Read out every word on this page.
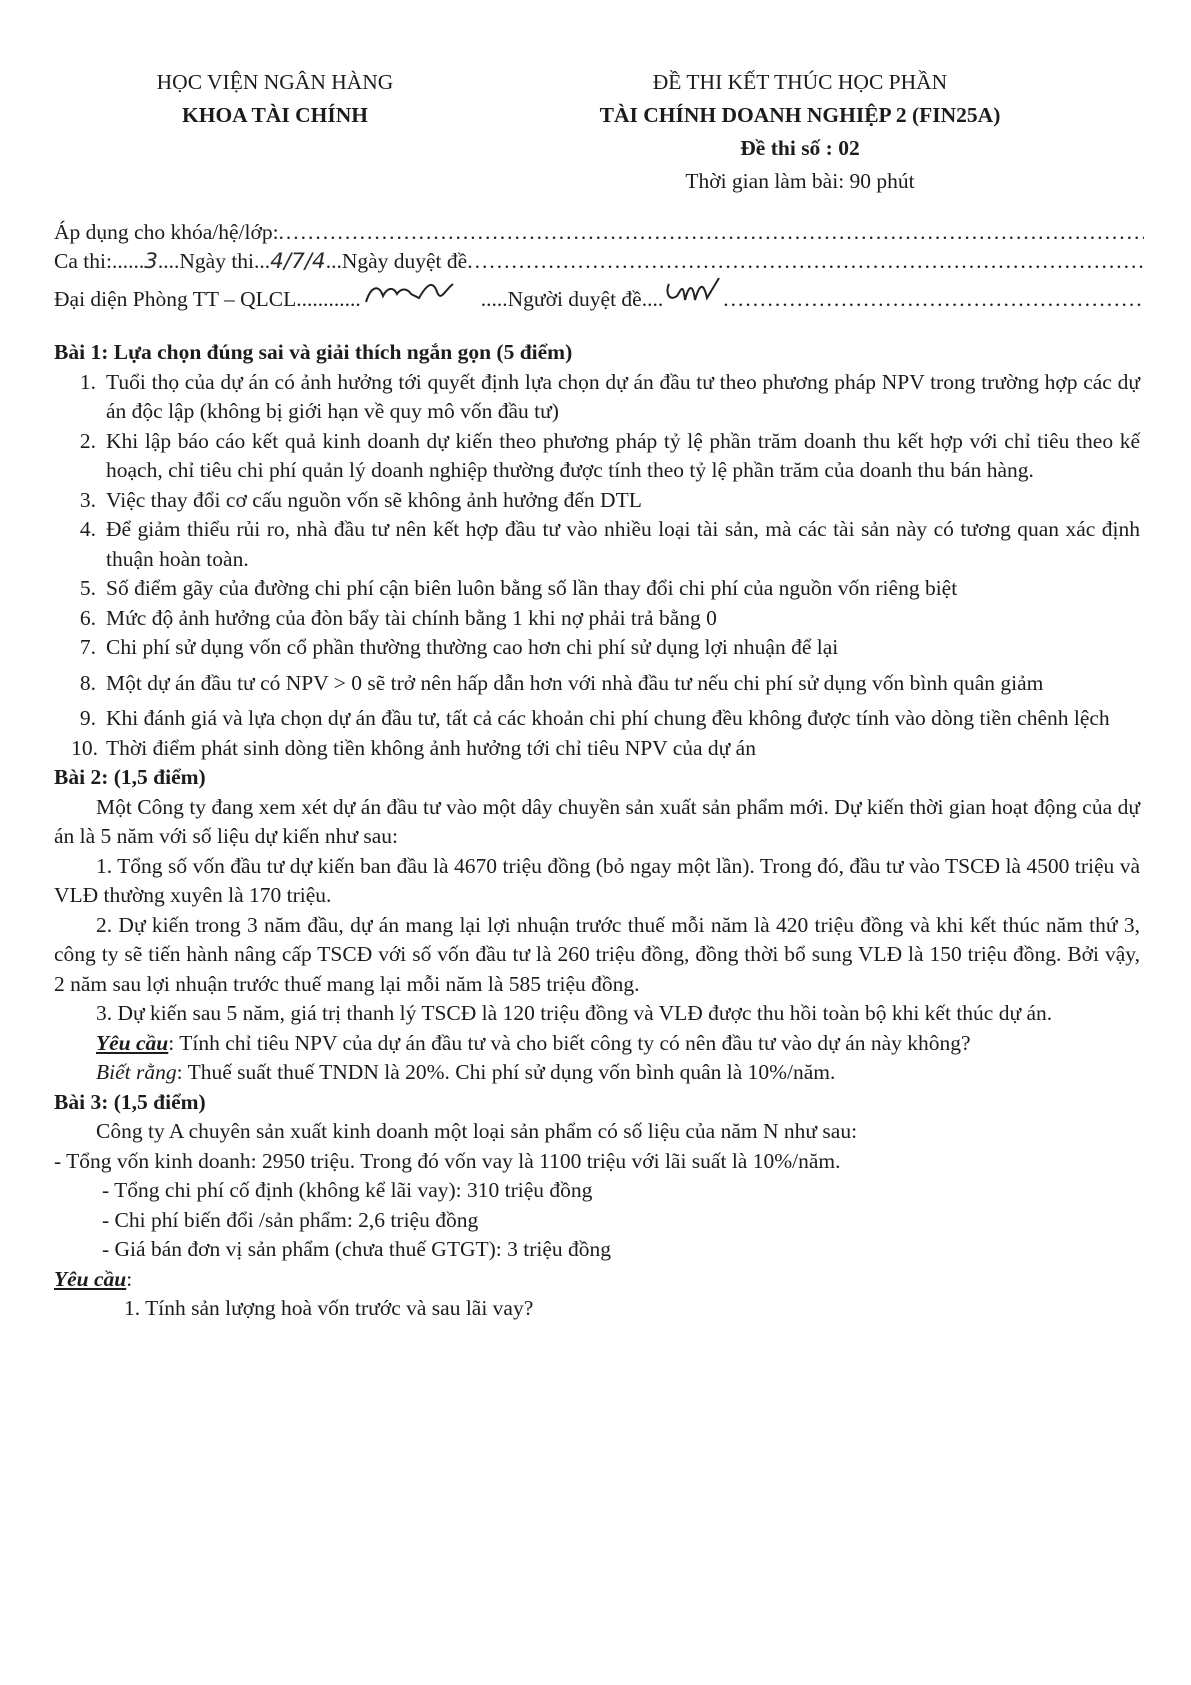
HỌC VIỆN NGÂN HÀNG
KHOA TÀI CHÍNH
ĐỀ THI KẾT THÚC HỌC PHẦN
TÀI CHÍNH DOANH NGHIỆP 2 (FIN25A)
Đề thi số : 02
Thời gian làm bài: 90 phút
Áp dụng cho khóa/hệ/lớp:
.....
Ca thi: ...... 3 .... Ngày thi ... 4/7/4 ... Ngày duyệt đề
.....
Đại diện Phòng TT – QLCL ............	..... Người duyệt đề ....
.....

Bài 1: Lựa chọn đúng sai và giải thích ngắn gọn (5 điểm)

1. Tuổi thọ của dự án có ảnh hưởng tới quyết định lựa chọn dự án đầu tư theo phương pháp NPV trong trường hợp các dự án độc lập (không bị giới hạn về quy mô vốn đầu tư)
2. Khi lập báo cáo kết quả kinh doanh dự kiến theo phương pháp tỷ lệ phần trăm doanh thu kết hợp với chỉ tiêu theo kế hoạch, chỉ tiêu chi phí quản lý doanh nghiệp thường được tính theo tỷ lệ phần trăm của doanh thu bán hàng.
3. Việc thay đổi cơ cấu nguồn vốn sẽ không ảnh hưởng đến DTL
4. Để giảm thiểu rủi ro, nhà đầu tư nên kết hợp đầu tư vào nhiều loại tài sản, mà các tài sản này có tương quan xác định thuận hoàn toàn.
5. Số điểm gãy của đường chi phí cận biên luôn bằng số lần thay đổi chi phí của nguồn vốn riêng biệt
6. Mức độ ảnh hưởng của đòn bẩy tài chính bằng 1 khi nợ phải trả bằng 0
7. Chi phí sử dụng vốn cổ phần thường thường cao hơn chi phí sử dụng lợi nhuận để lại
8. Một dự án đầu tư có NPV > 0 sẽ trở nên hấp dẫn hơn với nhà đầu tư nếu chi phí sử dụng vốn bình quân giảm
9. Khi đánh giá và lựa chọn dự án đầu tư, tất cả các khoản chi phí chung đều không được tính vào dòng tiền chênh lệch
10. Thời điểm phát sinh dòng tiền không ảnh hưởng tới chỉ tiêu NPV của dự án

Bài 2: (1,5 điểm)

Một Công ty đang xem xét dự án đầu tư vào một dây chuyền sản xuất sản phẩm mới. Dự kiến thời gian hoạt động của dự án là 5 năm với số liệu dự kiến như sau:

1. Tổng số vốn đầu tư dự kiến ban đầu là 4670 triệu đồng (bỏ ngay một lần). Trong đó, đầu tư vào TSCĐ là 4500 triệu và VLĐ thường xuyên là 170 triệu.

2. Dự kiến trong 3 năm đầu, dự án mang lại lợi nhuận trước thuế mỗi năm là 420 triệu đồng và khi kết thúc năm thứ 3, công ty sẽ tiến hành nâng cấp TSCĐ với số vốn đầu tư là 260 triệu đồng, đồng thời bổ sung VLĐ là 150 triệu đồng. Bởi vậy, 2 năm sau lợi nhuận trước thuế mang lại mỗi năm là 585 triệu đồng.

3. Dự kiến sau 5 năm, giá trị thanh lý TSCĐ là 120 triệu đồng và VLĐ được thu hồi toàn bộ khi kết thúc dự án.

Yêu cầu: Tính chỉ tiêu NPV của dự án đầu tư và cho biết công ty có nên đầu tư vào dự án này không?

Biết rằng: Thuế suất thuế TNDN là 20%. Chi phí sử dụng vốn bình quân là 10%/năm.

Bài 3: (1,5 điểm)

Công ty A chuyên sản xuất kinh doanh một loại sản phẩm có số liệu của năm N như sau:

- Tổng vốn kinh doanh: 2950 triệu. Trong đó vốn vay là 1100 triệu với lãi suất là 10%/năm.

- Tổng chi phí cố định (không kể lãi vay): 310 triệu đồng

- Chi phí biến đổi /sản phẩm: 2,6 triệu đồng

- Giá bán đơn vị sản phẩm (chưa thuế GTGT): 3 triệu đồng

Yêu cầu:

1. Tính sản lượng hoà vốn trước và sau lãi vay?
